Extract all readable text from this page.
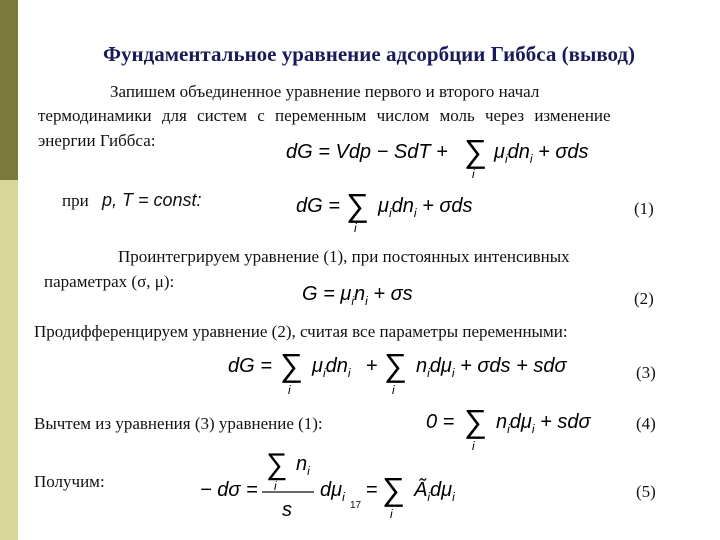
Фундаментальное уравнение адсорбции Гиббса (вывод)
Запишем объединенное уравнение первого и второго начал
термодинамики для систем с переменным числом моль через изменение
энергии Гиббса:
dG = Vdp − SdT + ∑
i
$\mu_idn_i + \sigma ds$
при p, T = const:	dG = ∑
i
$\mu_idn_i + \sigma ds$	(1)
Проинтегрируем уравнение (1), при постоянных интенсивных
параметрах (σ, μ):
$G = \mu_in_i + \sigma s$	(2)
Продифференцируем уравнение (2), считая все параметры переменными:
dG = ∑
i
$\mu_idn_i$ + ∑
i
$n_id\mu_i + \sigma ds + sd\sigma$	(3)
Вычтем из уравнения (3) уравнение (1):	0 = ∑
i
$n_id\mu_i + sd\sigma$	(4)
Получим:	− dσ =
∑
i
$n_i$
s
$d\mu_i$ = ∑
i
$Ã_id\mu_i$
17
(5)
